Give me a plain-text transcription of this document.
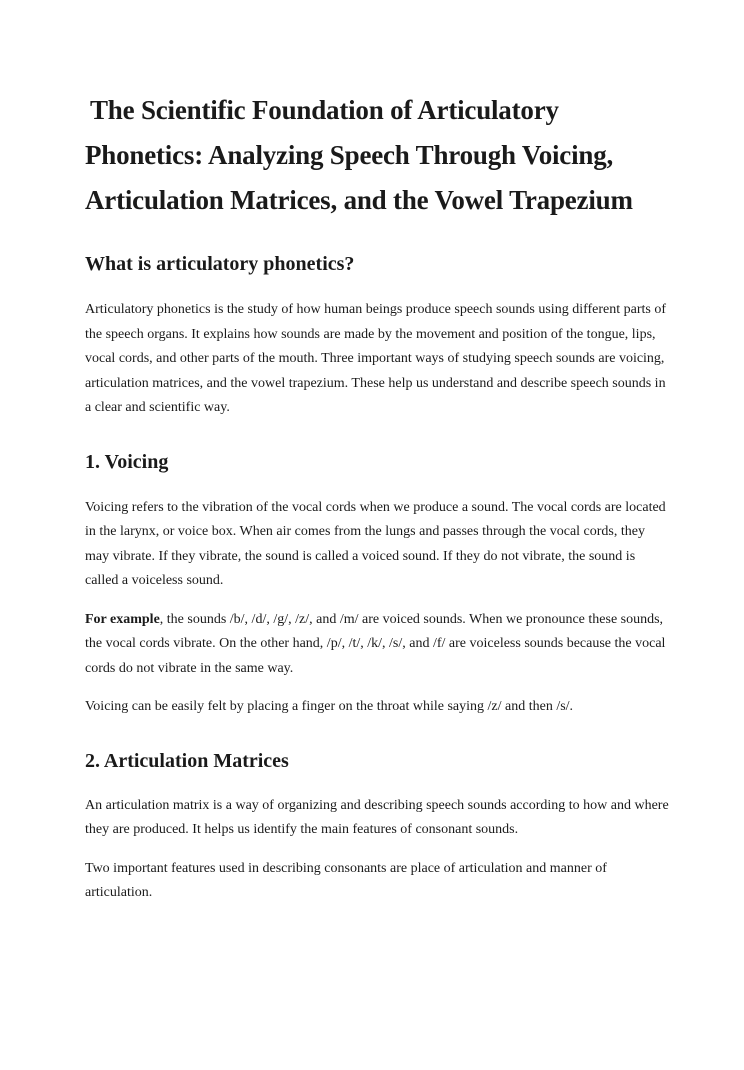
The Scientific Foundation of Articulatory Phonetics: Analyzing Speech Through Voicing, Articulation Matrices, and the Vowel Trapezium
What is articulatory phonetics?

Articulatory phonetics is the study of how human beings produce speech sounds using different parts of the speech organs. It explains how sounds are made by the movement and position of the tongue, lips, vocal cords, and other parts of the mouth. Three important ways of studying speech sounds are voicing, articulation matrices, and the vowel trapezium. These help us understand and describe speech sounds in a clear and scientific way.

1. Voicing

Voicing refers to the vibration of the vocal cords when we produce a sound. The vocal cords are located in the larynx, or voice box. When air comes from the lungs and passes through the vocal cords, they may vibrate. If they vibrate, the sound is called a voiced sound. If they do not vibrate, the sound is called a voiceless sound.

For example, the sounds /b/, /d/, /g/, /z/, and /m/ are voiced sounds. When we pronounce these sounds, the vocal cords vibrate. On the other hand, /p/, /t/, /k/, /s/, and /f/ are voiceless sounds because the vocal cords do not vibrate in the same way.

Voicing can be easily felt by placing a finger on the throat while saying /z/ and then /s/.

2. Articulation Matrices

An articulation matrix is a way of organizing and describing speech sounds according to how and where they are produced. It helps us identify the main features of consonant sounds.

Two important features used in describing consonants are place of articulation and manner of articulation.
